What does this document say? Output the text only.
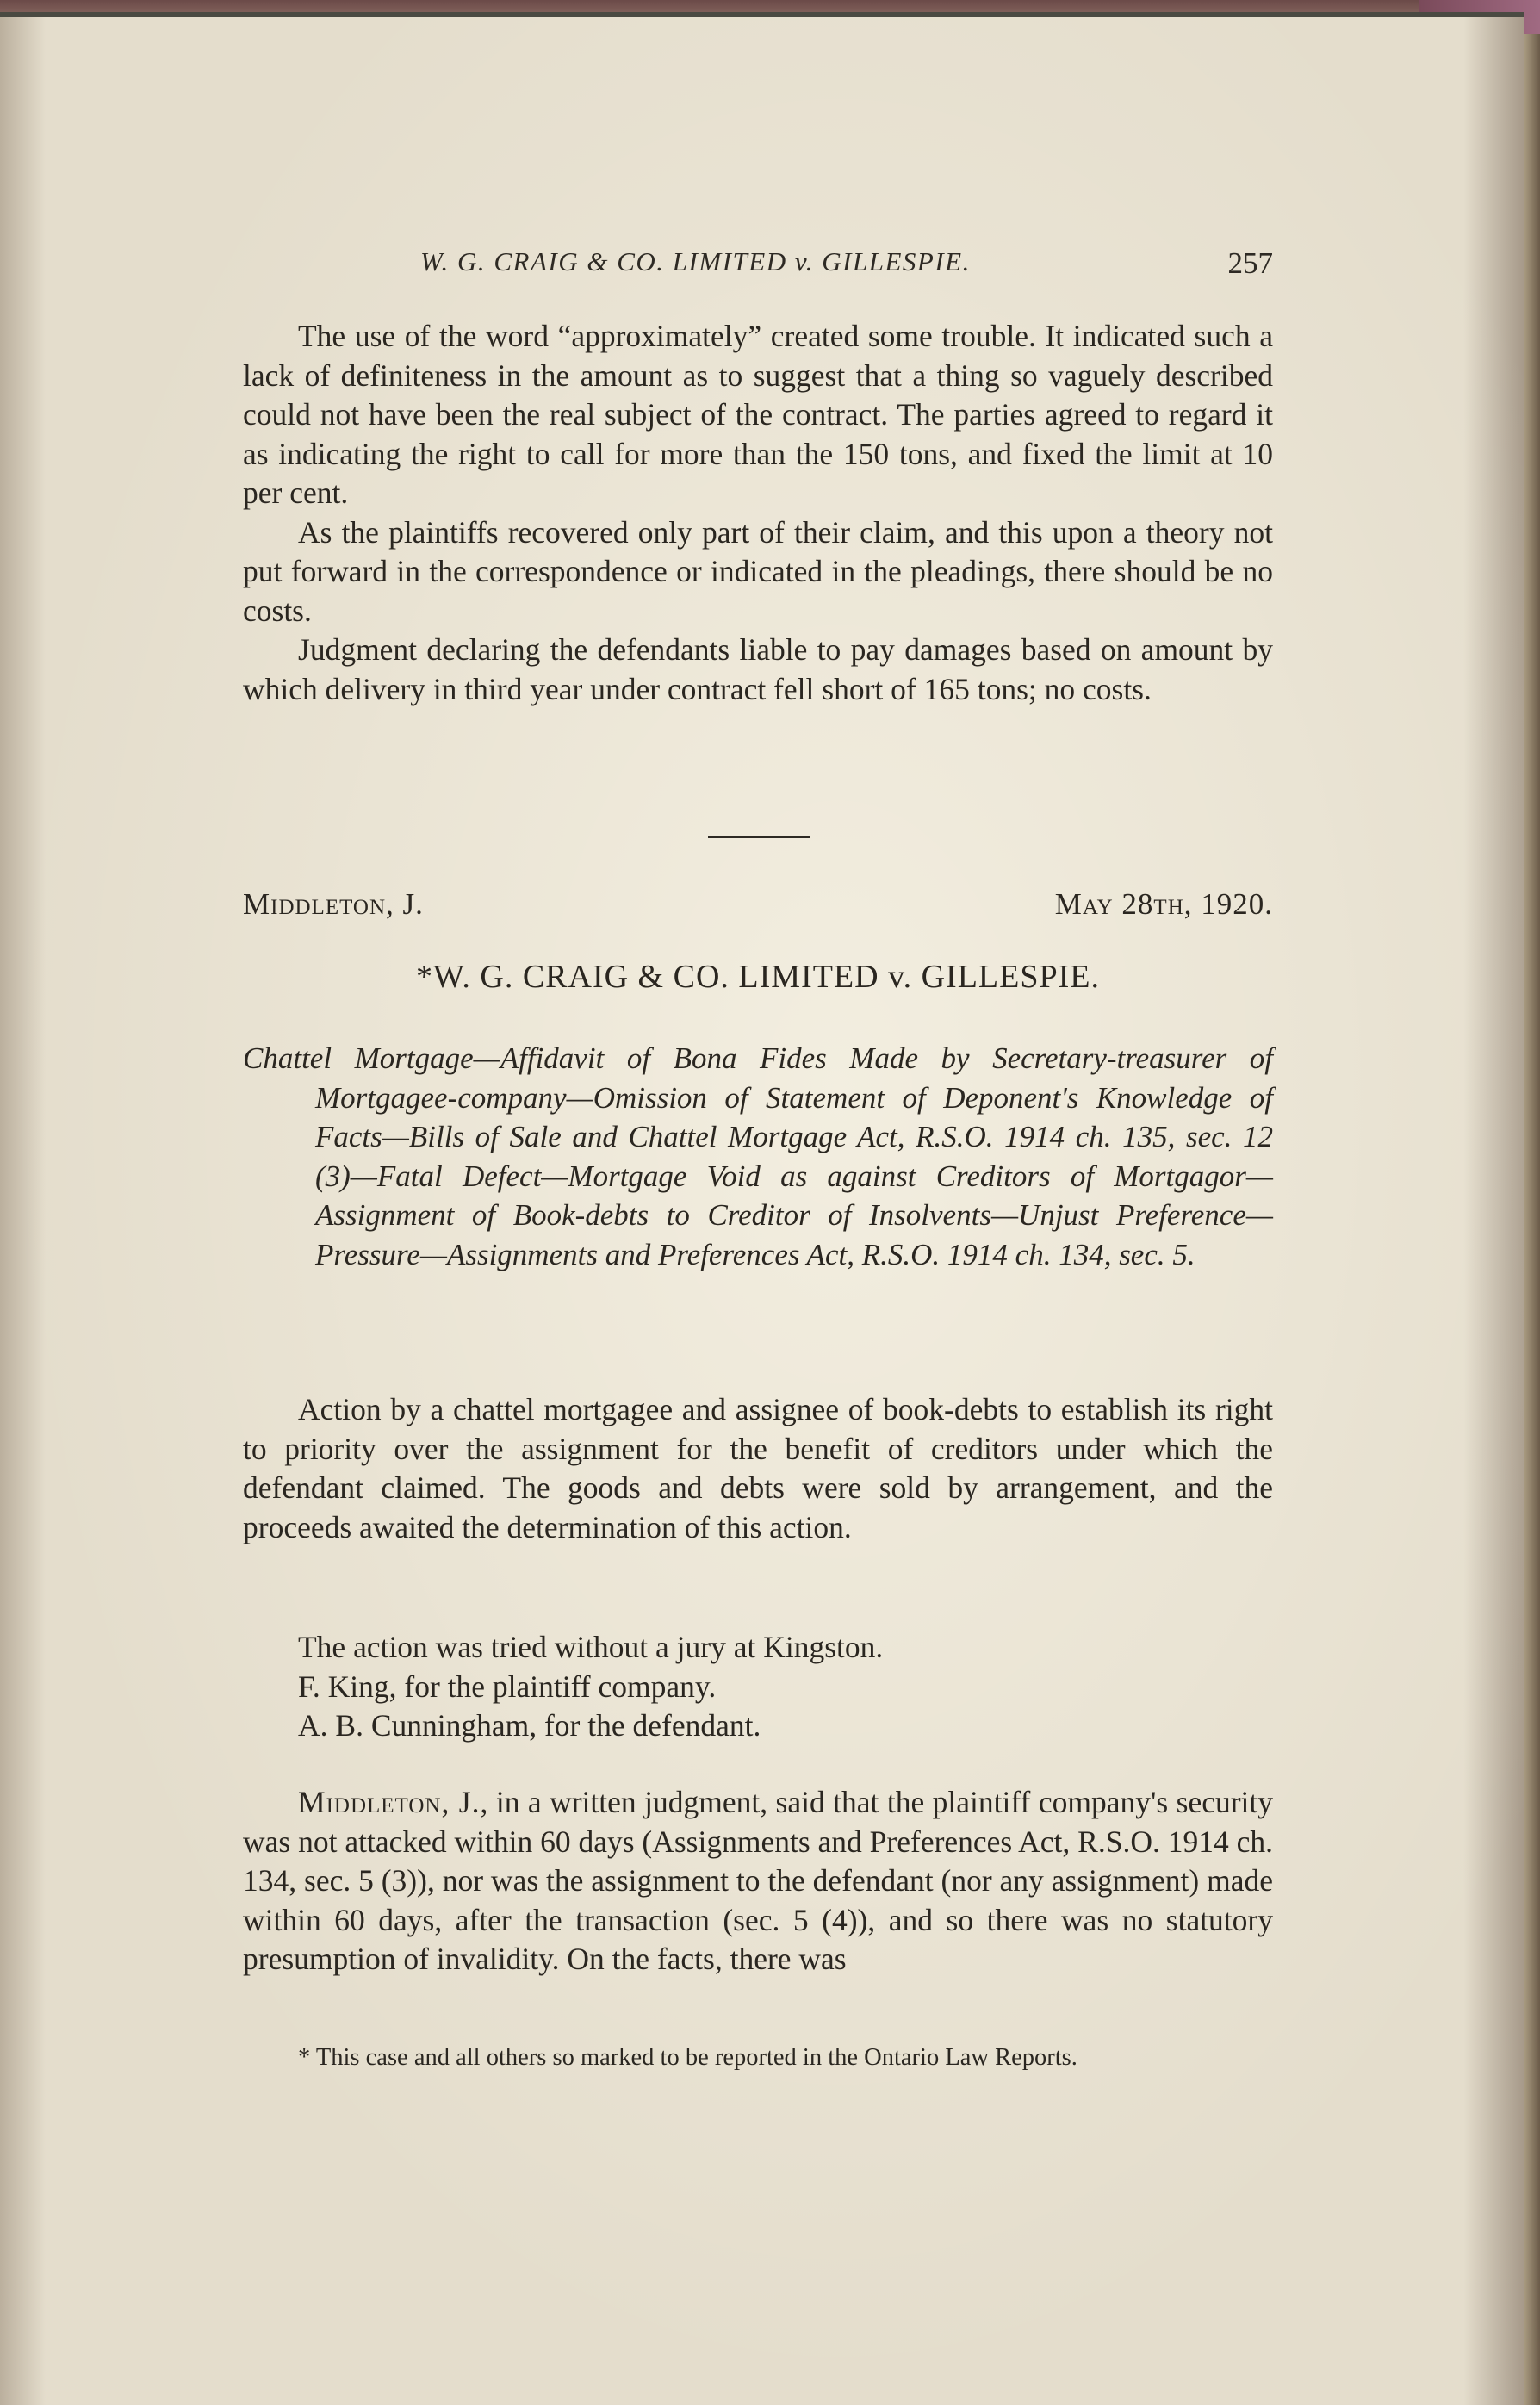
W. G. CRAIG & CO. LIMITED v. GILLESPIE.	257

The use of the word “approximately” created some trouble. It indicated such a lack of definiteness in the amount as to suggest that a thing so vaguely described could not have been the real subject of the contract. The parties agreed to regard it as indicating the right to call for more than the 150 tons, and fixed the limit at 10 per cent.

As the plaintiffs recovered only part of their claim, and this upon a theory not put forward in the correspondence or indicated in the pleadings, there should be no costs.

Judgment declaring the defendants liable to pay damages based on amount by which delivery in third year under contract fell short of 165 tons; no costs.

Middleton, J.	May 28th, 1920.
*W. G. CRAIG & CO. LIMITED v. GILLESPIE.
Chattel Mortgage—Affidavit of Bona Fides Made by Secretary-treasurer of Mortgagee-company—Omission of Statement of Deponent's Knowledge of Facts—Bills of Sale and Chattel Mortgage Act, R.S.O. 1914 ch. 135, sec. 12 (3)—Fatal Defect—Mortgage Void as against Creditors of Mortgagor—Assignment of Book-debts to Creditor of Insolvents—Unjust Preference—Pressure—Assignments and Preferences Act, R.S.O. 1914 ch. 134, sec. 5.

Action by a chattel mortgagee and assignee of book-debts to establish its right to priority over the assignment for the benefit of creditors under which the defendant claimed. The goods and debts were sold by arrangement, and the proceeds awaited the determination of this action.

The action was tried without a jury at Kingston.

F. King, for the plaintiff company.

A. B. Cunningham, for the defendant.

Middleton, J., in a written judgment, said that the plaintiff company's security was not attacked within 60 days (Assignments and Preferences Act, R.S.O. 1914 ch. 134, sec. 5 (3)), nor was the assignment to the defendant (nor any assignment) made within 60 days, after the transaction (sec. 5 (4)), and so there was no statutory presumption of invalidity. On the facts, there was

* This case and all others so marked to be reported in the Ontario Law Reports.
